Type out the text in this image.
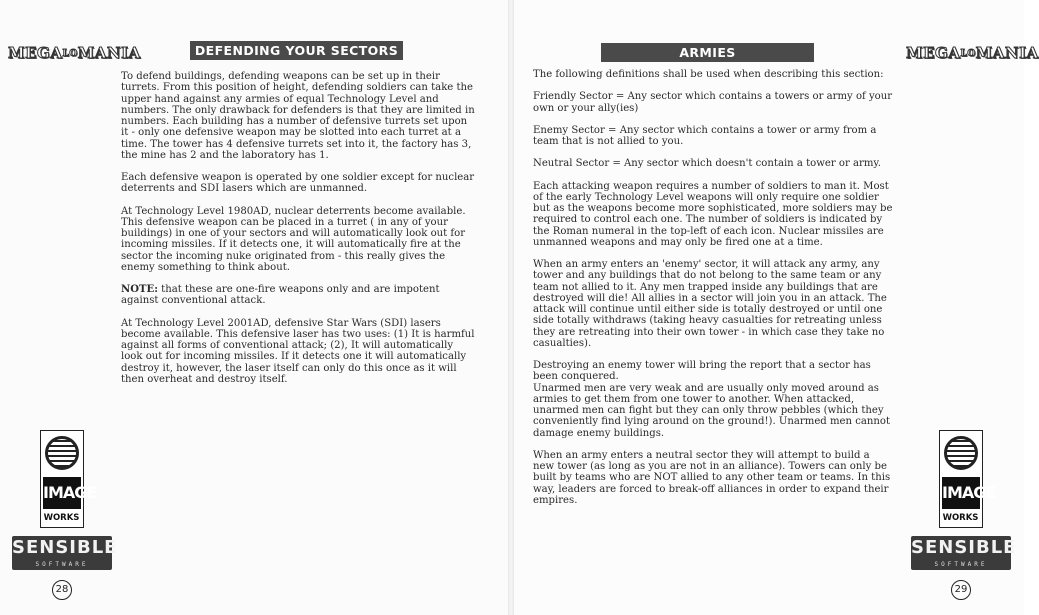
MEGALOMANIA	DEFENDING YOUR SECTORS

To defend buildings, defending weapons can be set up in their turrets. From this position of height, defending soldiers can take the upper hand against any armies of equal Technology Level and numbers. The only drawback for defenders is that they are limited in numbers. Each building has a number of defensive turrets set upon it - only one defensive weapon may be slotted into each turret at a time. The tower has 4 defensive turrets set into it, the factory has 3, the mine has 2 and the laboratory has 1.

Each defensive weapon is operated by one soldier except for nuclear deterrents and SDI lasers which are unmanned.

At Technology Level 1980AD, nuclear deterrents become available. This defensive weapon can be placed in a turret ( in any of your buildings) in one of your sectors and will automatically look out for incoming missiles. If it detects one, it will automatically fire at the sector the incoming nuke originated from - this really gives the enemy something to think about.

NOTE: that these are one-fire weapons only and are impotent against conventional attack.

At Technology Level 2001AD, defensive Star Wars (SDI) lasers become available. This defensive laser has two uses: (1) It is harmful against all forms of conventional attack; (2), It will automatically look out for incoming missiles. If it detects one it will automatically destroy it, however, the laser itself can only do this once as it will then overheat and destroy itself.

IMAGE
WORKS
SENSIBLE
SOFTWARE
28
ARMIES	MEGALOMANIA

The following definitions shall be used when describing this section:

Friendly Sector = Any sector which contains a towers or army of your own or your ally(ies)

Enemy Sector = Any sector which contains a tower or army from a team that is not allied to you.

Neutral Sector = Any sector which doesn't contain a tower or army.

Each attacking weapon requires a number of soldiers to man it. Most of the early Technology Level weapons will only require one soldier but as the weapons become more sophisticated, more soldiers may be required to control each one. The number of soldiers is indicated by the Roman numeral in the top-left of each icon. Nuclear missiles are unmanned weapons and may only be fired one at a time.

When an army enters an 'enemy' sector, it will attack any army, any tower and any buildings that do not belong to the same team or any team not allied to it. Any men trapped inside any buildings that are destroyed will die! All allies in a sector will join you in an attack. The attack will continue until either side is totally destroyed or until one side totally withdraws (taking heavy casualties for retreating unless they are retreating into their own tower - in which case they take no casualties).

Destroying an enemy tower will bring the report that a sector has been conquered.

Unarmed men are very weak and are usually only moved around as armies to get them from one tower to another. When attacked, unarmed men can fight but they can only throw pebbles (which they conveniently find lying around on the ground!). Unarmed men cannot damage enemy buildings.

When an army enters a neutral sector they will attempt to build a new tower (as long as you are not in an alliance). Towers can only be built by teams who are NOT allied to any other team or teams. In this way, leaders are forced to break-off alliances in order to expand their empires.	IMAGE
WORKS
SENSIBLE
SOFTWARE
29
